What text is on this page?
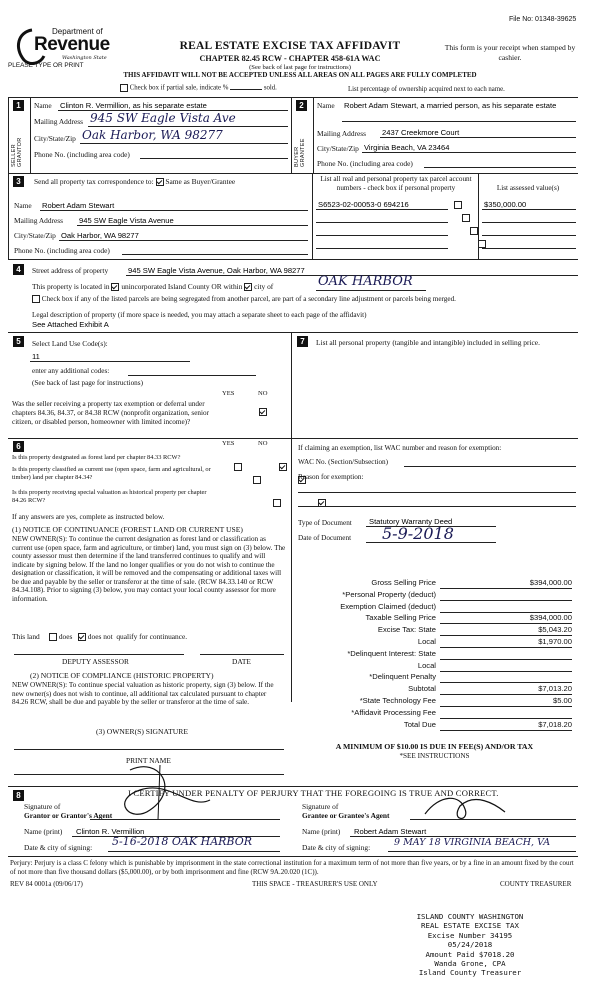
File No: 01348-39625
Department of
Revenue
Washington State
PLEASE TYPE OR PRINT
REAL ESTATE EXCISE TAX AFFIDAVIT
CHAPTER 82.45 RCW - CHAPTER 458-61A WAC
This form is your receipt when stamped by cashier.
(See back of last page for instructions)
THIS AFFIDAVIT WILL NOT BE ACCEPTED UNLESS ALL AREAS ON ALL PAGES ARE FULLY COMPLETED
Check box if partial sale, indicate %	sold.	List percentage of ownership acquired next to each name.
1
SELLER GRANTOR
Name Clinton R. Vermillion, as his separate estate
Mailing Address 945 SW Eagle Vista Ave
City/State/Zip Oak Harbor, WA 98277
Phone No. (including area code)
2
BUYER GRANTEE
Name Robert Adam Stewart, a married person, as his separate estate
Mailing Address 2437 Creekmore Court
City/State/Zip Virginia Beach, VA 23464
Phone No. (including area code)
3	Send all property tax correspondence to: Same as Buyer/Grantee
Name Robert Adam Stewart
Mailing Address 945 SW Eagle Vista Avenue
City/State/Zip Oak Harbor, WA 98277
Phone No. (including area code)
List all real and personal property tax parcel account numbers - check box if personal property	List assessed value(s)
S6523-02-00053-0 694216	$350,000.00
4	Street address of property	945 SW Eagle Vista Avenue, Oak Harbor, WA 98277
This property is located in unincorporated Island County OR within city of	OAK HARBOR
Check box if any of the listed parcels are being segregated from another parcel, are part of a secondary line adjustment or parcels being merged.
Legal description of property (if more space is needed, you may attach a separate sheet to each page of the affidavit)
See Attached Exhibit A
5	Select Land Use Code(s):
11
enter any additional codes:
(See back of last page for instructions)
YES	NO
Was the seller receiving a property tax exemption or deferral under chapters 84.36, 84.37, or 84.38 RCW (nonprofit organization, senior citizen, or disabled person, homeowner with limited income)?

6	YES	NO
Is this property designated as forest land per chapter 84.33 RCW?

Is this property classified as current use (open space, farm and agricultural, or timber) land per chapter 84.34?

Is this property receiving special valuation as historical property per chapter 84.26 RCW?

If any answers are yes, complete as instructed below.
(1) NOTICE OF CONTINUANCE (FOREST LAND OR CURRENT USE)
NEW OWNER(S): To continue the current designation as forest land or classification as current use (open space, farm and agriculture, or timber) land, you must sign on (3) below. The county assessor must then determine if the land transferred continues to qualify and will indicate by signing below. If the land no longer qualifies or you do not wish to continue the designation or classification, it will be removed and the compensating or additional taxes will be due and payable by the seller or transferor at the time of sale. (RCW 84.33.140 or RCW 84.34.108). Prior to signing (3) below, you may contact your local county assessor for more information.
This land	does does not qualify for continuance.
DEPUTY ASSESSOR	DATE
(2) NOTICE OF COMPLIANCE (HISTORIC PROPERTY)
NEW OWNER(S): To continue special valuation as historic property, sign (3) below. If the new owner(s) does not wish to continue, all additional tax calculated pursuant to chapter 84.26 RCW, shall be due and payable by the seller or transferor at the time of sale.
(3) OWNER(S) SIGNATURE
PRINT NAME
7	List all personal property (tangible and intangible) included in selling price.
If claiming an exemption, list WAC number and reason for exemption:
WAC No. (Section/Subsection)
Reason for exemption:
Type of Document Statutory Warranty Deed
Date of Document 5-9-2018
Gross Selling Price	$394,000.00
*Personal Property (deduct)
Exemption Claimed (deduct)
Taxable Selling Price	$394,000.00
Excise Tax: State	$5,043.20
Local	$1,970.00
*Delinquent Interest: State
Local
*Delinquent Penalty
Subtotal	$7,013.20
*State Technology Fee	$5.00
*Affidavit Processing Fee
Total Due	$7,018.20
A MINIMUM OF $10.00 IS DUE IN FEE(S) AND/OR TAX
*SEE INSTRUCTIONS
8	I CERTIFY UNDER PENALTY OF PERJURY THAT THE FOREGOING IS TRUE AND CORRECT.
Signature of
Grantor or Grantor's Agent
Name (print) Clinton R. Vermillion
Date & city of signing: 5-16-2018 OAK HARBOR
Signature of
Grantee or Grantee's Agent
Name (print) Robert Adam Stewart
Date & city of signing:	9 MAY 18 VIRGINIA BEACH, VA
Perjury: Perjury is a class C felony which is punishable by imprisonment in the state correctional institution for a maximum term of not more than five years, or by a fine in an amount fixed by the court of not more than five thousand dollars ($5,000.00), or by both imprisonment and fine (RCW 9A.20.020 (1C)).
REV 84 0001a (09/06/17)	THIS SPACE - TREASURER'S USE ONLY	COUNTY TREASURER
ISLAND COUNTY WASHINGTON
REAL ESTATE EXCISE TAX
Excise Number 34195
05/24/2018
Amount Paid $7018.20
Wanda Grone, CPA
Island County Treasurer
